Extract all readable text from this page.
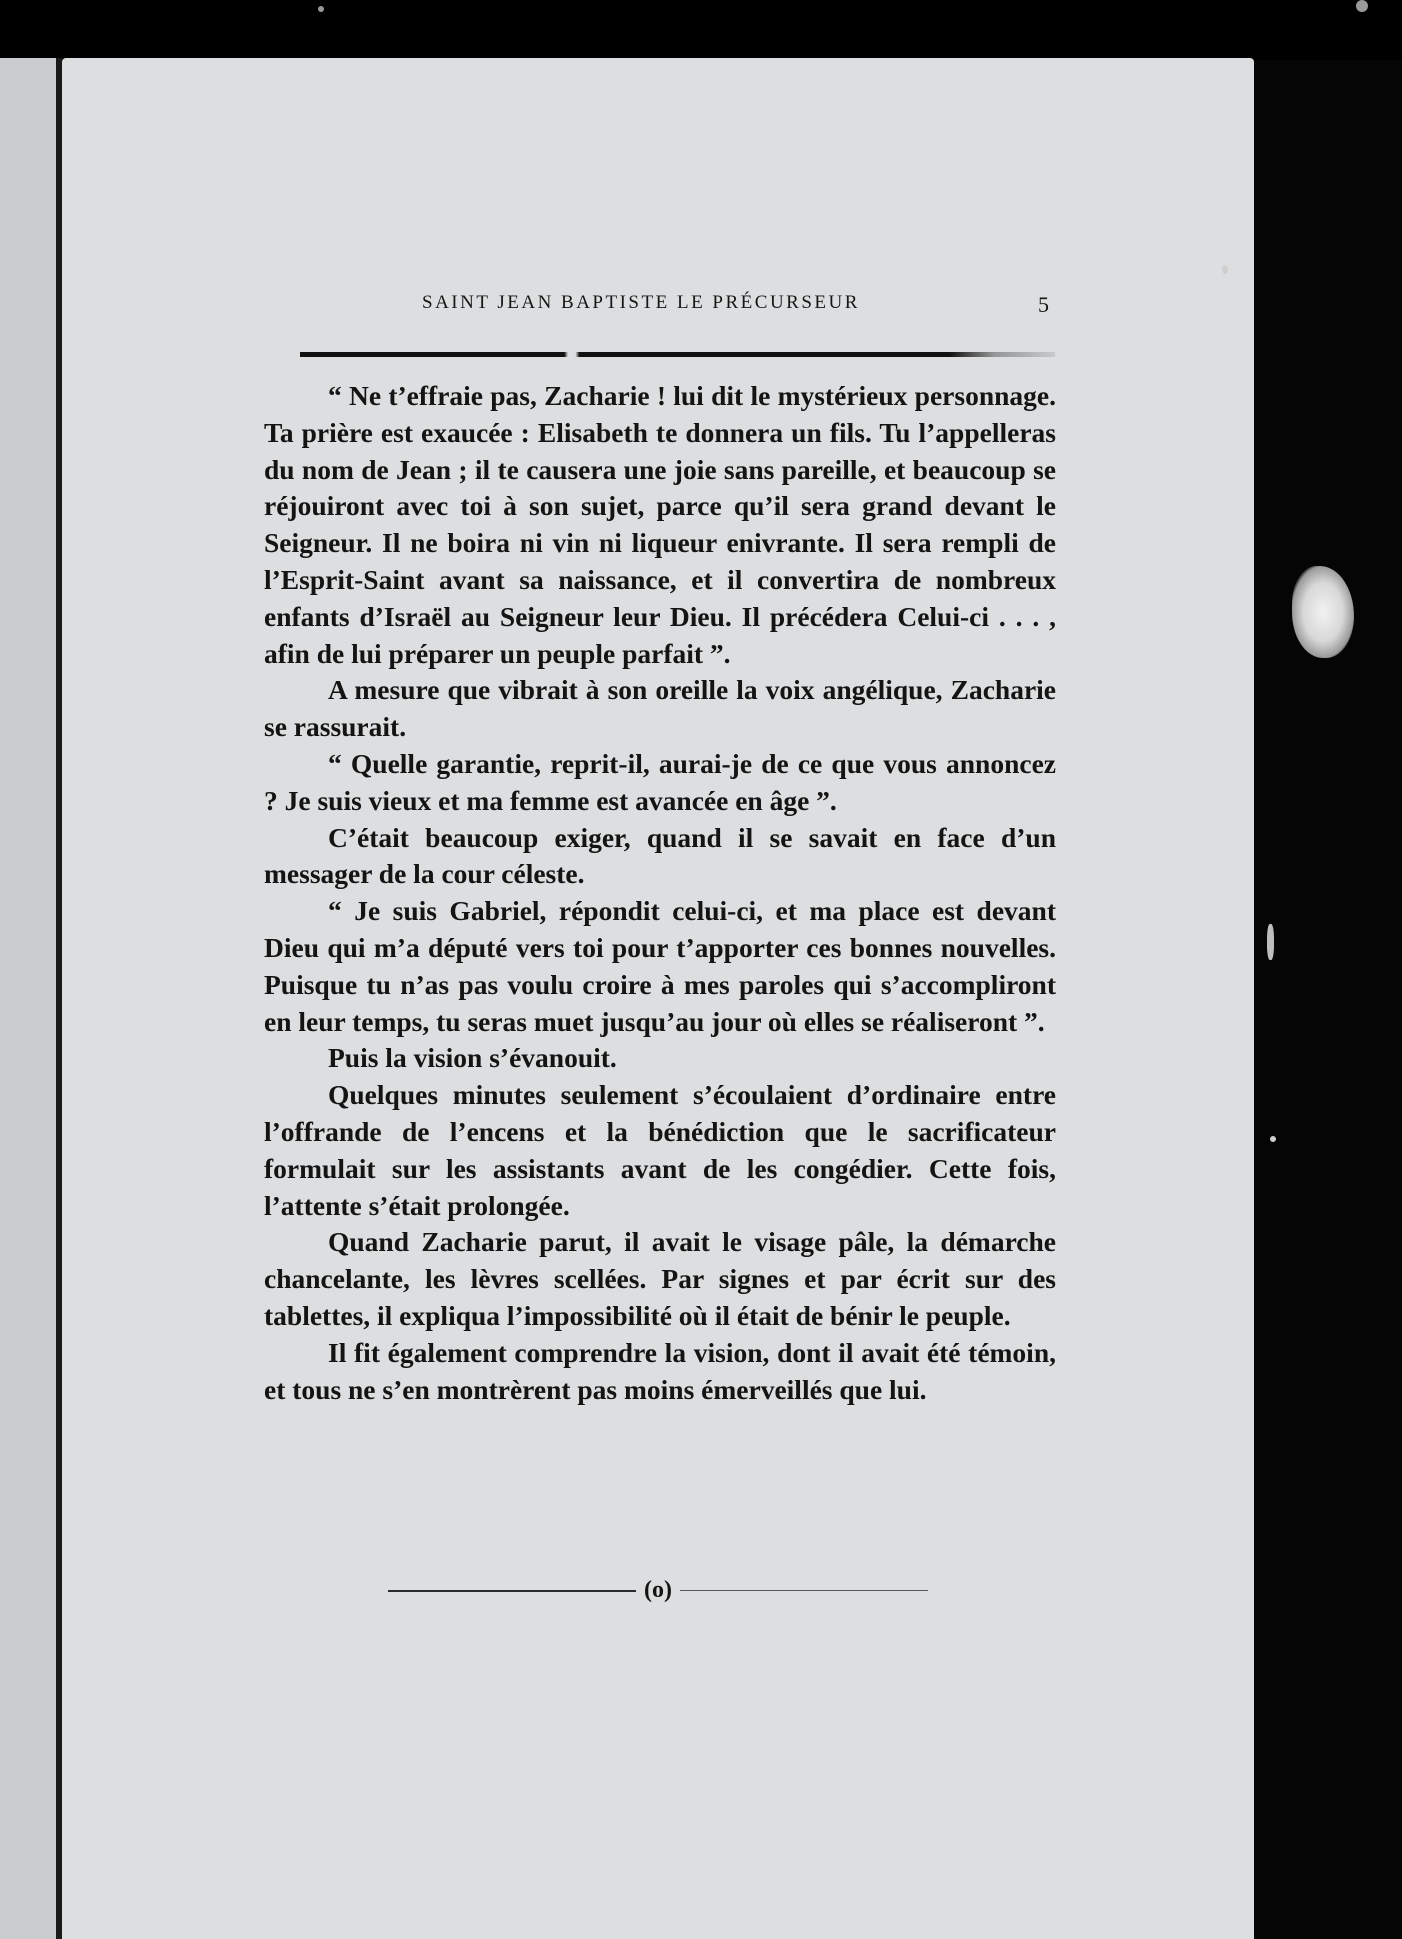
SAINT JEAN BAPTISTE LE PRÉCURSEUR	5

“ Ne t’effraie pas, Zacharie ! lui dit le mystérieux personnage. Ta prière est exaucée : Elisabeth te donnera un fils. Tu l’appelleras du nom de Jean ; il te causera une joie sans pareille, et beaucoup se réjouiront avec toi à son sujet, parce qu’il sera grand devant le Seigneur. Il ne boira ni vin ni liqueur enivrante. Il sera rempli de l’Esprit-Saint avant sa naissance, et il convertira de nombreux enfants d’Israël au Seigneur leur Dieu. Il précédera Celui-ci . . . , afin de lui préparer un peuple parfait ”.

A mesure que vibrait à son oreille la voix angélique, Zacharie se rassurait.

“ Quelle garantie, reprit-il, aurai-je de ce que vous annoncez ? Je suis vieux et ma femme est avancée en âge ”.

C’était beaucoup exiger, quand il se savait en face d’un messager de la cour céleste.

“ Je suis Gabriel, répondit celui-ci, et ma place est devant Dieu qui m’a député vers toi pour t’apporter ces bonnes nouvelles. Puisque tu n’as pas voulu croire à mes paroles qui s’accompliront en leur temps, tu seras muet jusqu’au jour où elles se réaliseront ”.

Puis la vision s’évanouit.

Quelques minutes seulement s’écoulaient d’ordinaire entre l’offrande de l’encens et la bénédiction que le sacrificateur formulait sur les assistants avant de les congédier. Cette fois, l’attente s’était prolongée.

Quand Zacharie parut, il avait le visage pâle, la démarche chancelante, les lèvres scellées. Par signes et par écrit sur des tablettes, il expliqua l’impossibilité où il était de bénir le peuple.

Il fit également comprendre la vision, dont il avait été témoin, et tous ne s’en montrèrent pas moins émerveillés que lui.

(o)
